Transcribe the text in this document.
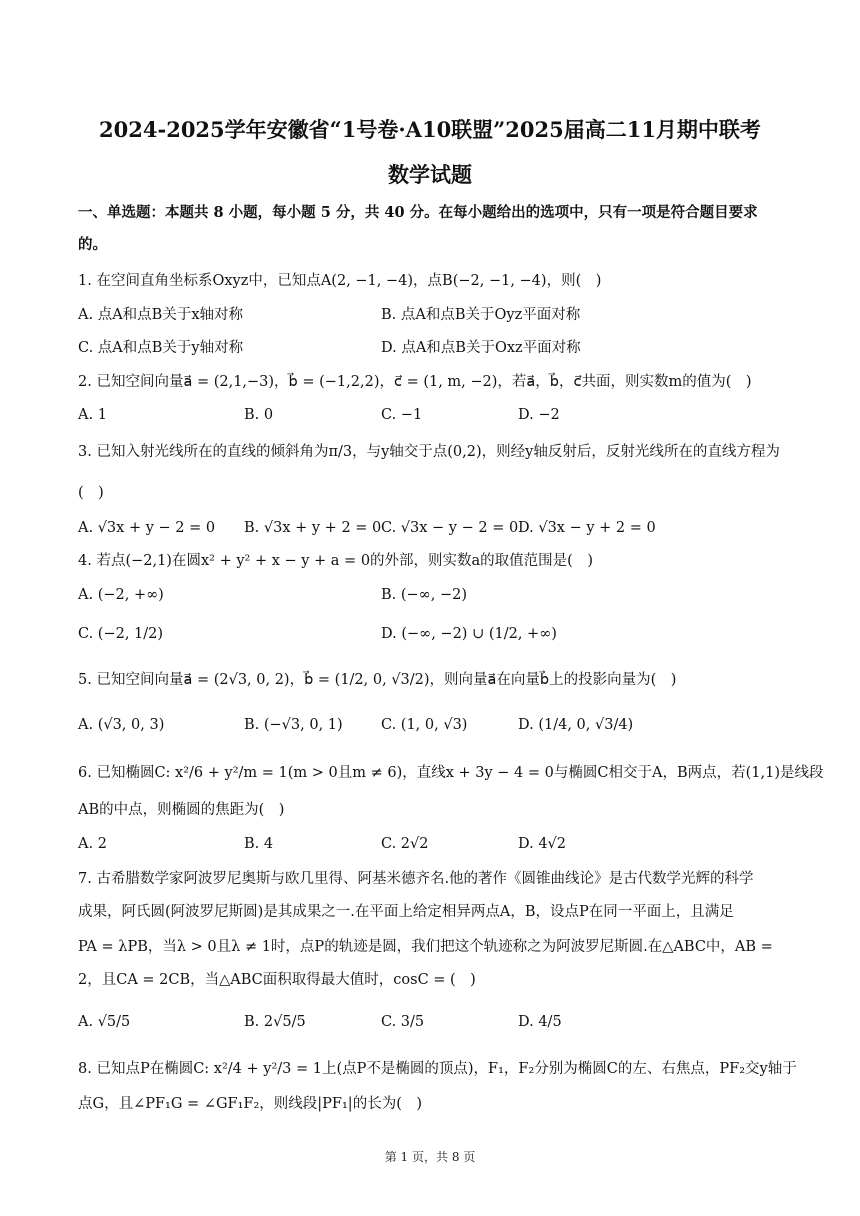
2024-2025学年安徽省“1号卷·A10联盟”2025届高二11月期中联考
数学试题
一、单选题：本题共 8 小题，每小题 5 分，共 40 分。在每小题给出的选项中，只有一项是符合题目要求
的。
1. 在空间直角坐标系Oxyz中，已知点A(2, −1, −4)，点B(−2, −1, −4)，则(　)
A. 点A和点B关于x轴对称	B. 点A和点B关于Oyz平面对称
C. 点A和点B关于y轴对称	D. 点A和点B关于Oxz平面对称
2. 已知空间向量a⃗ = (2,1,−3)，b⃗ = (−1,2,2)，c⃗ = (1, m, −2)，若a⃗，b⃗，c⃗共面，则实数m的值为(　)
A. 1	B. 0	C. −1	D. −2
3. 已知入射光线所在的直线的倾斜角为π/3，与y轴交于点(0,2)，则经y轴反射后，反射光线所在的直线方程为
(　)
A. √3x + y − 2 = 0 B. √3x + y + 2 = 0 C. √3x − y − 2 = 0 D. √3x − y + 2 = 0
4. 若点(−2,1)在圆x² + y² + x − y + a = 0的外部，则实数a的取值范围是(　)
A. (−2, +∞)	B. (−∞, −2)
C. (−2, 1/2)	D. (−∞, −2) ∪ (1/2, +∞)
5. 已知空间向量a⃗ = (2√3, 0, 2)，b⃗ = (1/2, 0, √3/2)，则向量a⃗在向量b⃗上的投影向量为(　)
A. (√3, 0, 3)	B. (−√3, 0, 1)	C. (1, 0, √3)	D. (1/4, 0, √3/4)
6. 已知椭圆C: x²/6 + y²/m = 1(m > 0且m ≠ 6)，直线x + 3y − 4 = 0与椭圆C相交于A，B两点，若(1,1)是线段
AB的中点，则椭圆的焦距为(　)
A. 2	B. 4	C. 2√2	D. 4√2
7. 古希腊数学家阿波罗尼奥斯与欧几里得、阿基米德齐名.他的著作《圆锥曲线论》是古代数学光辉的科学
成果，阿氏圆(阿波罗尼斯圆)是其成果之一.在平面上给定相异两点A，B，设点P在同一平面上，且满足
PA = λPB，当λ > 0且λ ≠ 1时，点P的轨迹是圆，我们把这个轨迹称之为阿波罗尼斯圆.在△ABC中，AB =
2，且CA = 2CB，当△ABC面积取得最大值时，cosC = (　)
A. √5/5	B. 2√5/5	C. 3/5	D. 4/5
8. 已知点P在椭圆C: x²/4 + y²/3 = 1上(点P不是椭圆的顶点)，F₁，F₂分别为椭圆C的左、右焦点，PF₂交y轴于
点G，且∠PF₁G = ∠GF₁F₂，则线段|PF₁|的长为(　)
第 1 页，共 8 页
